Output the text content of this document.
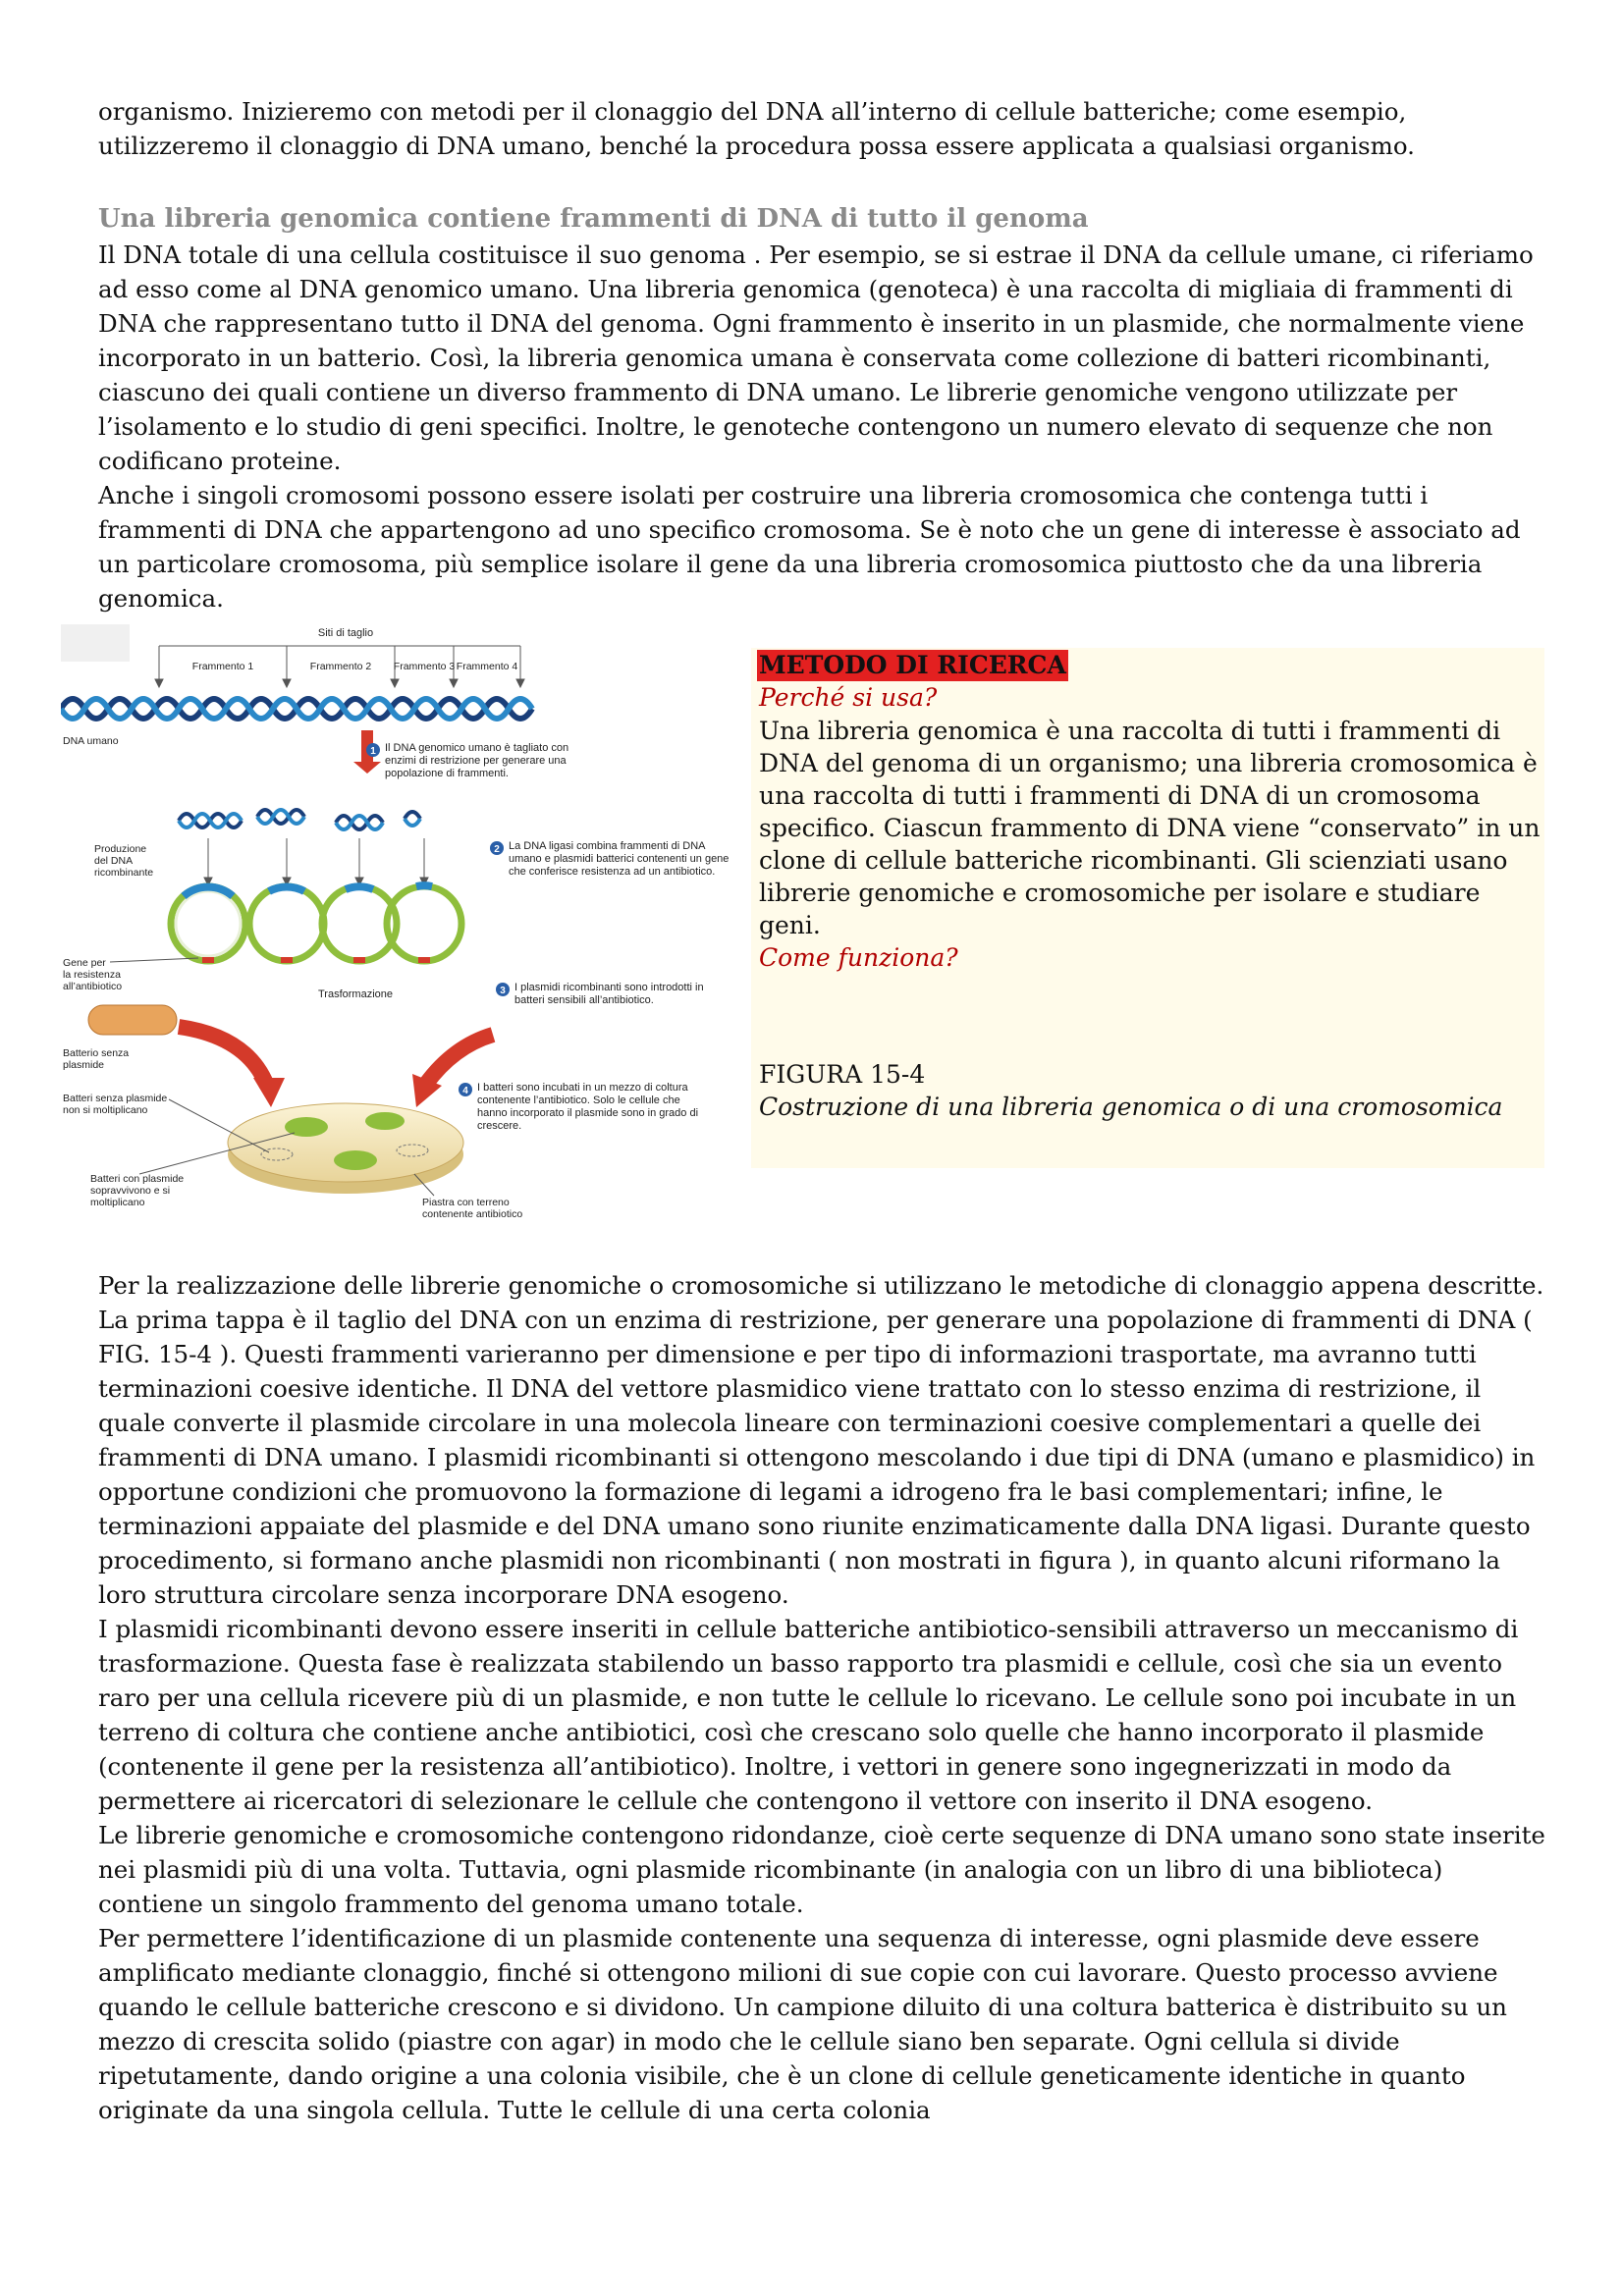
organismo. Inizieremo con metodi per il clonaggio del DNA all’interno di cellule batteriche; come esempio, utilizzeremo il clonaggio di DNA umano, benché la procedura possa essere applicata a qualsiasi organismo.

Una libreria genomica contiene frammenti di DNA di tutto il genoma

Il DNA totale di una cellula costituisce il suo genoma . Per esempio, se si estrae il DNA da cellule umane, ci riferiamo ad esso come al DNA genomico umano. Una libreria genomica (genoteca) è una raccolta di migliaia di frammenti di DNA che rappresentano tutto il DNA del genoma. Ogni frammento è inserito in un plasmide, che normalmente viene incorporato in un batterio. Così, la libreria genomica umana è conservata come collezione di batteri ricombinanti, ciascuno dei quali contiene un diverso frammento di DNA umano. Le librerie genomiche vengono utilizzate per l’isolamento e lo studio di geni specifici. Inoltre, le genoteche contengono un numero elevato di sequenze che non codificano proteine.

Anche i singoli cromosomi possono essere isolati per costruire una libreria cromosomica che contenga tutti i frammenti di DNA che appartengono ad uno specifico cromosoma. Se è noto che un gene di interesse è associato ad un particolare cromosoma, più semplice isolare il gene da una libreria cromosomica piuttosto che da una libreria genomica.

Siti di taglio
Frammento 1	Frammento 2 Frammento 3 Frammento 4
DNA umano
1 Il DNA genomico umano è tagliato con enzimi di restrizione per generare una popolazione di frammenti.
Produzione
del DNA
ricombinante
2 La DNA ligasi combina frammenti di DNA umano e plasmidi batterici contenenti un gene che conferisce resistenza ad un antibiotico.
Gene per
la resistenza
all’antibiotico
Trasformazione	3 I plasmidi ricombinanti sono introdotti in batteri sensibili all’antibiotico.
Batterio senza
plasmide
Batteri senza plasmide
non si moltiplicano
4 I batteri sono incubati in un mezzo di coltura contenente l’antibiotico. Solo le cellule che hanno incorporato il plasmide sono in grado di crescere.
Batteri con plasmide
sopravvivono e si
moltiplicano	Piastra con terreno
contenente antibiotico

METODO DI RICERCA

Perché si usa?

Una libreria genomica è una raccolta di tutti i frammenti di DNA del genoma di un organismo; una libreria cromosomica è una raccolta di tutti i frammenti di DNA di un cromosoma specifico. Ciascun frammento di DNA viene “conservato” in un clone di cellule batteriche ricombinanti. Gli scienziati usano librerie genomiche e cromosomiche per isolare e studiare geni.

Come funziona?

FIGURA 15-4

Costruzione di una libreria genomica o di una cromosomica

Per la realizzazione delle librerie genomiche o cromosomiche si utilizzano le metodiche di clonaggio appena descritte. La prima tappa è il taglio del DNA con un enzima di restrizione, per generare una popolazione di frammenti di DNA ( FIG. 15-4 ). Questi frammenti varieranno per dimensione e per tipo di informazioni trasportate, ma avranno tutti terminazioni coesive identiche. Il DNA del vettore plasmidico viene trattato con lo stesso enzima di restrizione, il quale converte il plasmide circolare in una molecola lineare con terminazioni coesive complementari a quelle dei frammenti di DNA umano. I plasmidi ricombinanti si ottengono mescolando i due tipi di DNA (umano e plasmidico) in opportune condizioni che promuovono la formazione di legami a idrogeno fra le basi complementari; infine, le terminazioni appaiate del plasmide e del DNA umano sono riunite enzimaticamente dalla DNA ligasi. Durante questo procedimento, si formano anche plasmidi non ricombinanti ( non mostrati in figura ), in quanto alcuni riformano la loro struttura circolare senza incorporare DNA esogeno.
I plasmidi ricombinanti devono essere inseriti in cellule batteriche antibiotico-sensibili attraverso un meccanismo di trasformazione. Questa fase è realizzata stabilendo un basso rapporto tra plasmidi e cellule, così che sia un evento raro per una cellula ricevere più di un plasmide, e non tutte le cellule lo ricevano. Le cellule sono poi incubate in un terreno di coltura che contiene anche antibiotici, così che crescano solo quelle che hanno incorporato il plasmide (contenente il gene per la resistenza all’antibiotico). Inoltre, i vettori in genere sono ingegnerizzati in modo da permettere ai ricercatori di selezionare le cellule che contengono il vettore con inserito il DNA esogeno.
Le librerie genomiche e cromosomiche contengono ridondanze, cioè certe sequenze di DNA umano sono state inserite nei plasmidi più di una volta. Tuttavia, ogni plasmide ricombinante (in analogia con un libro di una biblioteca) contiene un singolo frammento del genoma umano totale.
Per permettere l’identificazione di un plasmide contenente una sequenza di interesse, ogni plasmide deve essere amplificato mediante clonaggio, finché si ottengono milioni di sue copie con cui lavorare. Questo processo avviene quando le cellule batteriche crescono e si dividono. Un campione diluito di una coltura batterica è distribuito su un mezzo di crescita solido (piastre con agar) in modo che le cellule siano ben separate. Ogni cellula si divide ripetutamente, dando origine a una colonia visibile, che è un clone di cellule geneticamente identiche in quanto originate da una singola cellula. Tutte le cellule di una certa colonia
